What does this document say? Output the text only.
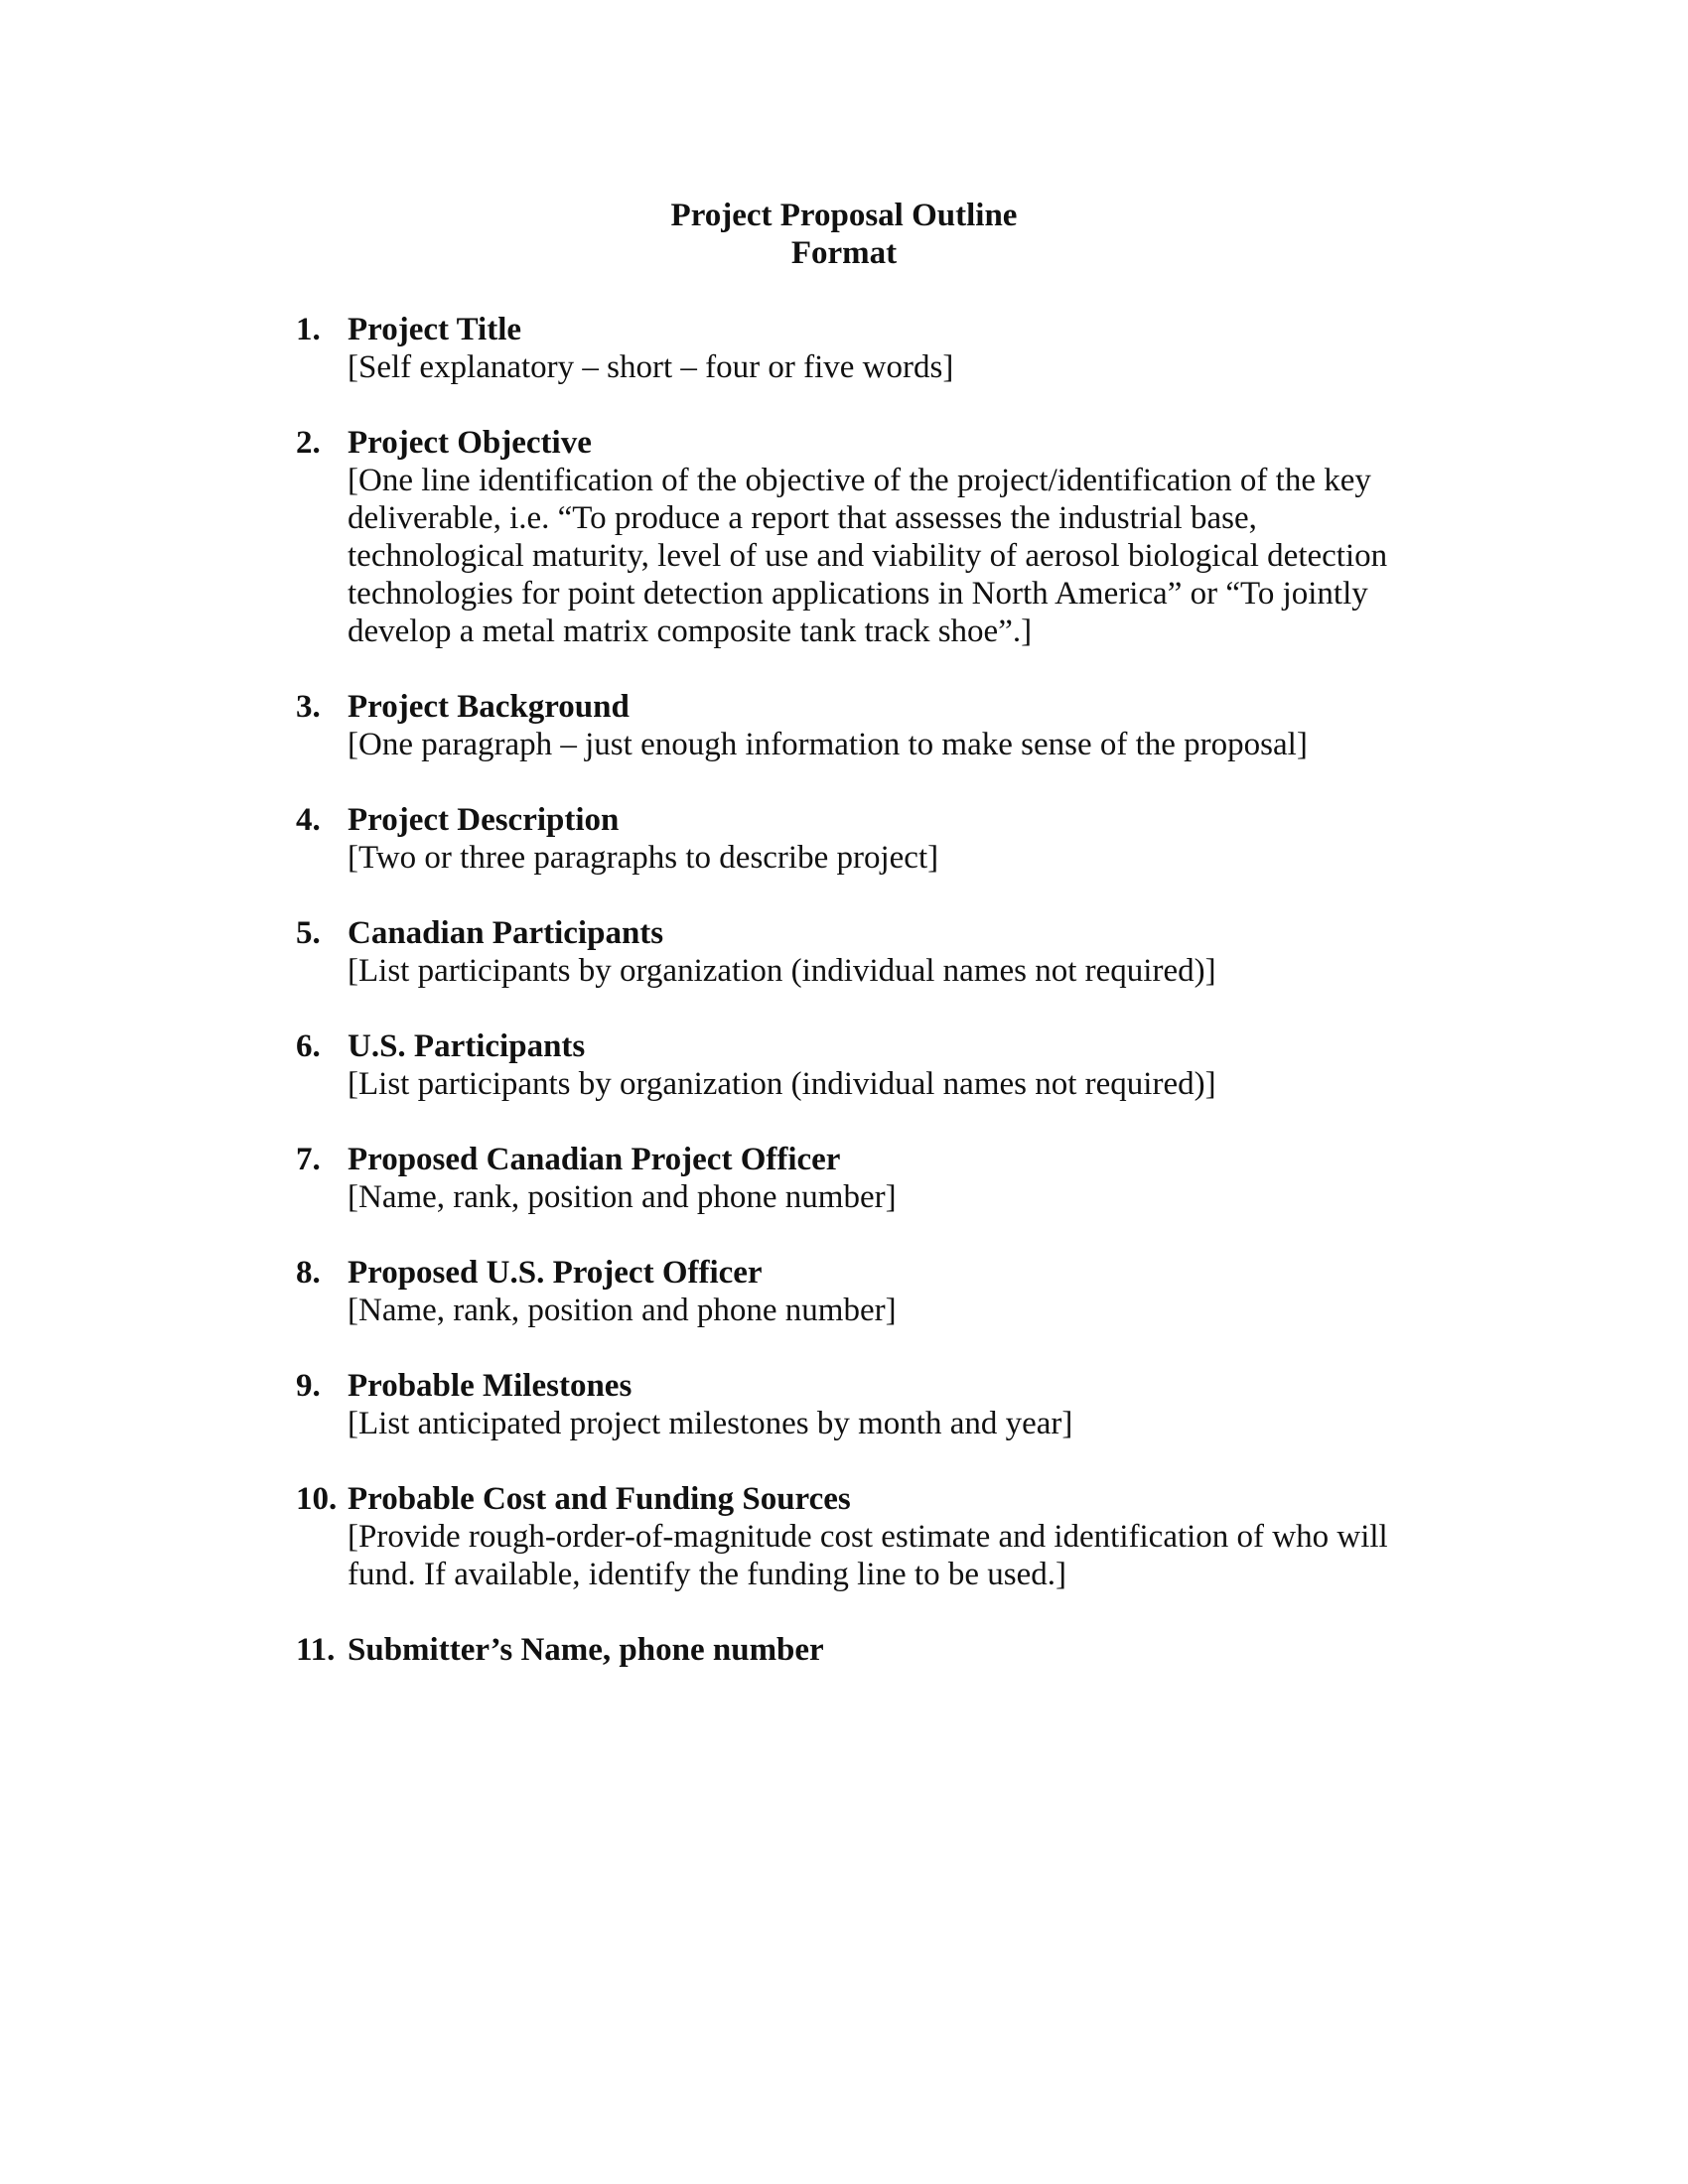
Project Proposal Outline
Format
1. Project Title
[Self explanatory – short – four or five words]
2. Project Objective
[One line identification of the objective of the project/identification of the key deliverable, i.e. “To produce a report that assesses the industrial base, technological maturity, level of use and viability of aerosol biological detection technologies for point detection applications in North America” or “To jointly develop a metal matrix composite tank track shoe”.]
3. Project Background
[One paragraph – just enough information to make sense of the proposal]
4. Project Description
[Two or three paragraphs to describe project]
5. Canadian Participants
[List participants by organization (individual names not required)]
6. U.S. Participants
[List participants by organization (individual names not required)]
7. Proposed Canadian Project Officer
[Name, rank, position and phone number]
8. Proposed U.S. Project Officer
[Name, rank, position and phone number]
9. Probable Milestones
[List anticipated project milestones by month and year]
10. Probable Cost and Funding Sources
[Provide rough-order-of-magnitude cost estimate and identification of who will fund. If available, identify the funding line to be used.]
11. Submitter’s Name, phone number
